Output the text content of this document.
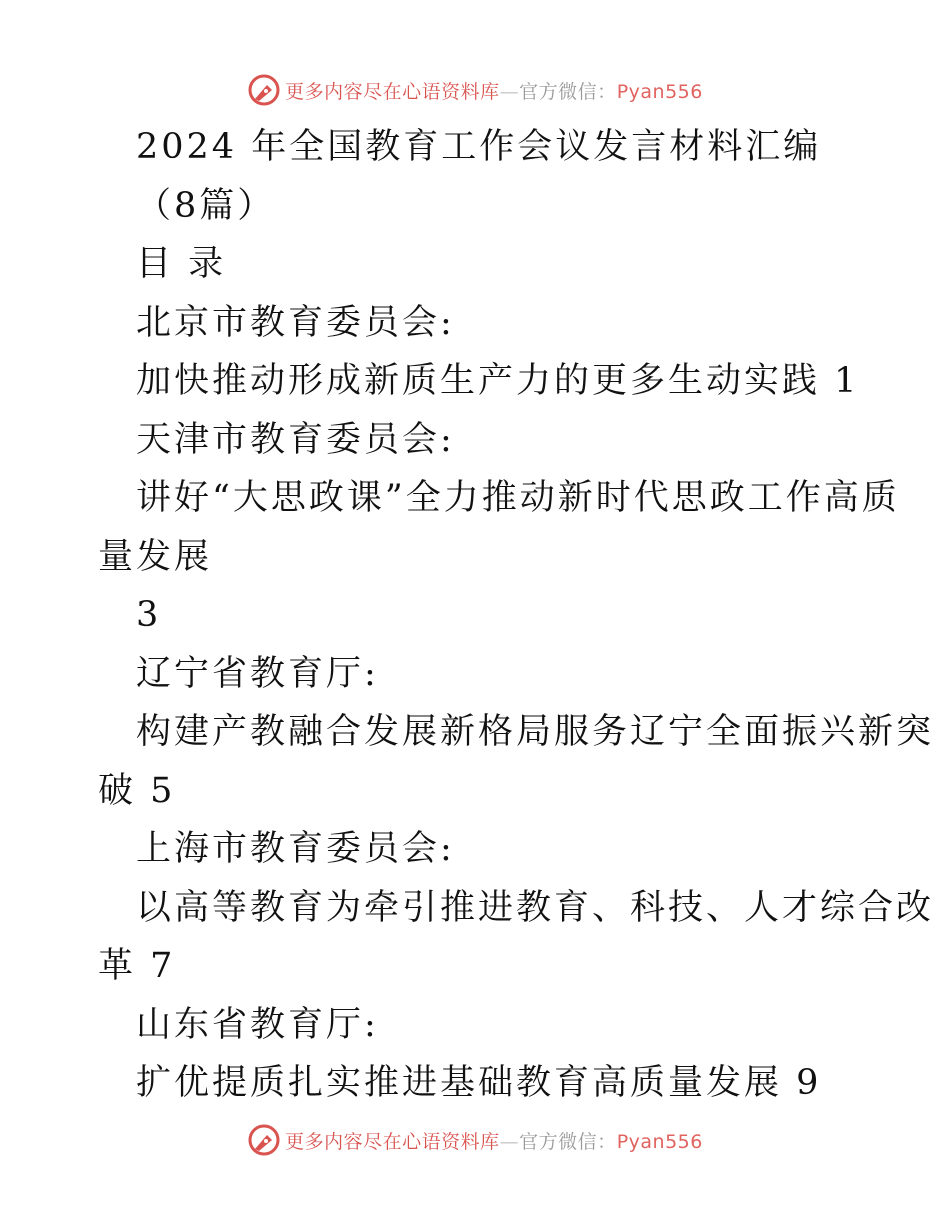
更多内容尽在心语资料库—官方微信：Pyan556
2024 年全国教育工作会议发言材料汇编
（8篇）
目 录
北京市教育委员会:
加快推动形成新质生产力的更多生动实践 1
天津市教育委员会:
讲好“大思政课”全力推动新时代思政工作高质
量发展
3
辽宁省教育厅:
构建产教融合发展新格局服务辽宁全面振兴新突
破 5
上海市教育委员会:
以高等教育为牵引推进教育、科技、人才综合改
革 7
山东省教育厅:
扩优提质扎实推进基础教育高质量发展 9
更多内容尽在心语资料库—官方微信：Pyan556
